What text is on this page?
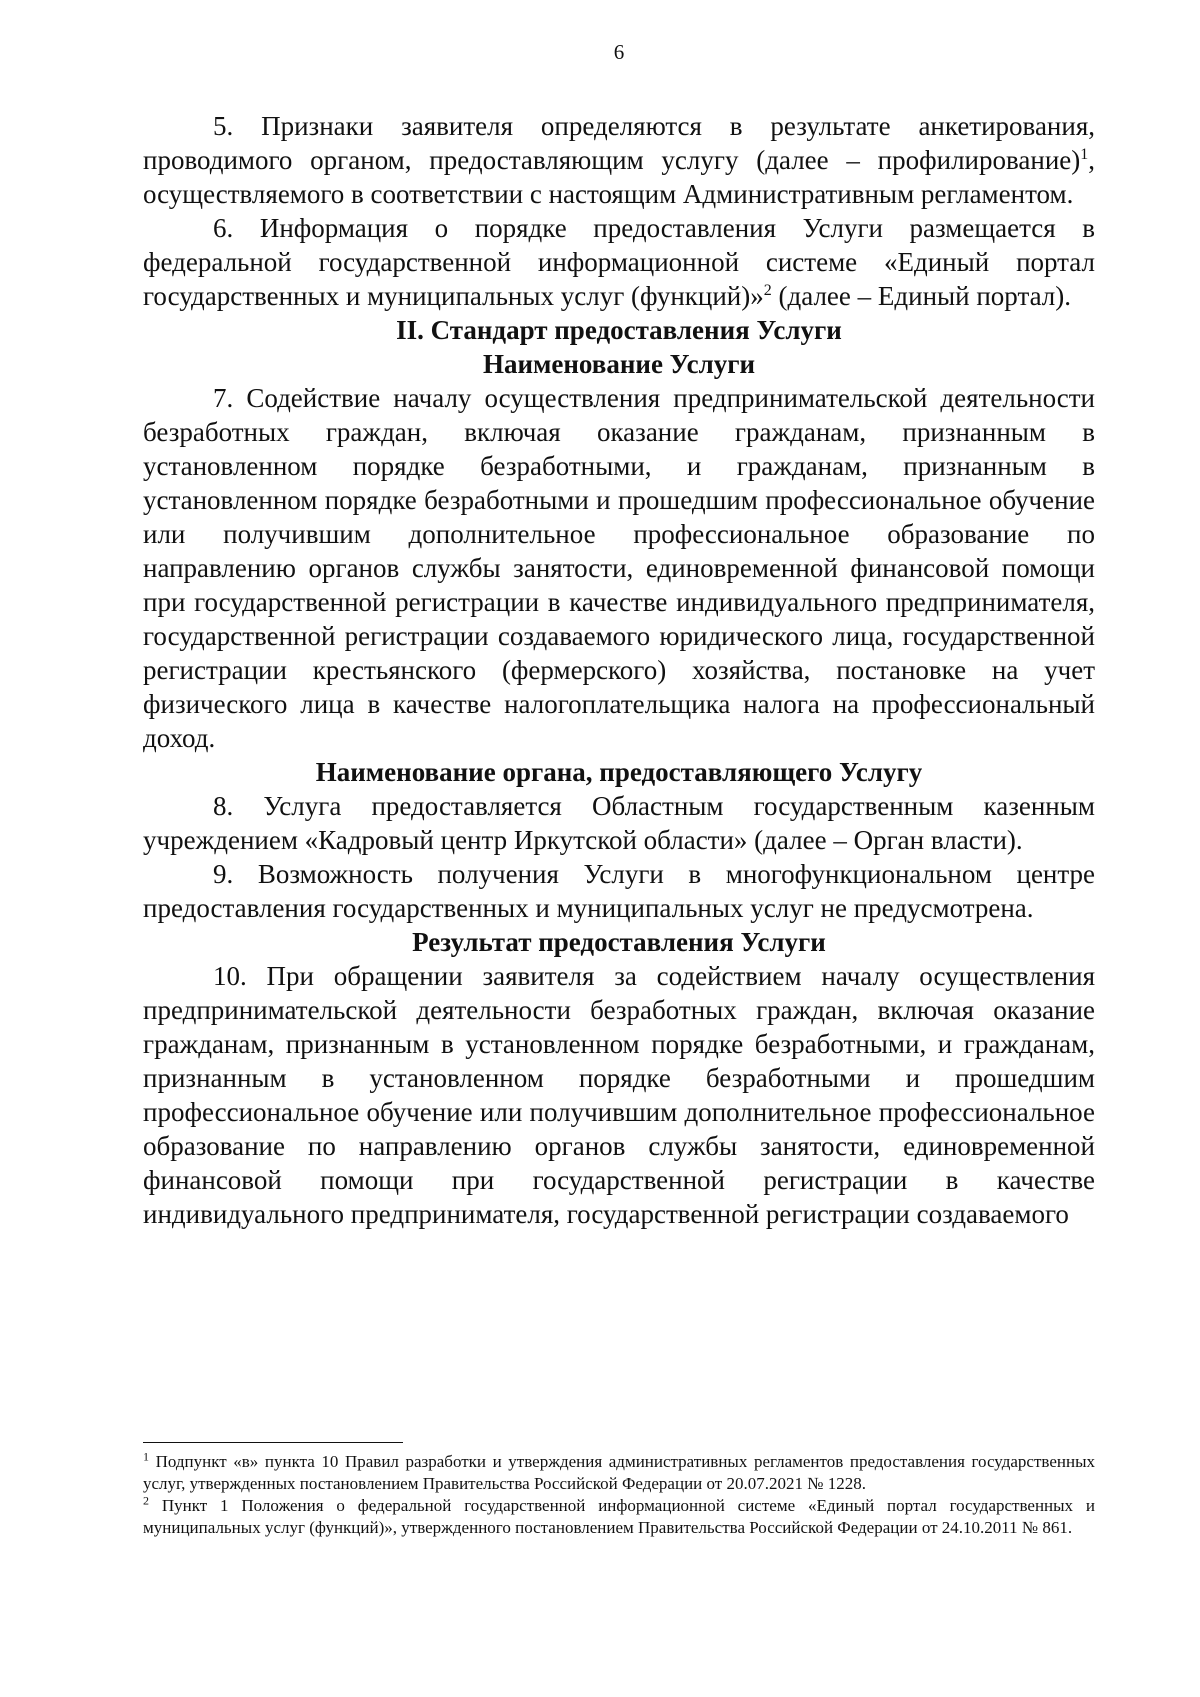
6

5. Признаки заявителя определяются в результате анкетирования, проводимого органом, предоставляющим услугу (далее – профилирование)$^1$, осуществляемого в соответствии с настоящим Административным регламентом.

6. Информация о порядке предоставления Услуги размещается в федеральной государственной информационной системе «Единый портал государственных и муниципальных услуг (функций)»$^2$ (далее – Единый портал).

II. Стандарт предоставления Услуги
Наименование Услуги

7. Содействие началу осуществления предпринимательской деятельности безработных граждан, включая оказание гражданам, признанным в установленном порядке безработными, и гражданам, признанным в установленном порядке безработными и прошедшим профессиональное обучение или получившим дополнительное профессиональное образование по направлению органов службы занятости, единовременной финансовой помощи при государственной регистрации в качестве индивидуального предпринимателя, государственной регистрации создаваемого юридического лица, государственной регистрации крестьянского (фермерского) хозяйства, постановке на учет физического лица в качестве налогоплательщика налога на профессиональный доход.

Наименование органа, предоставляющего Услугу

8. Услуга предоставляется Областным государственным казенным учреждением «Кадровый центр Иркутской области» (далее – Орган власти).

9. Возможность получения Услуги в многофункциональном центре предоставления государственных и муниципальных услуг не предусмотрена.

Результат предоставления Услуги

10. При обращении заявителя за содействием началу осуществления предпринимательской деятельности безработных граждан, включая оказание гражданам, признанным в установленном порядке безработными, и гражданам, признанным в установленном порядке безработными и прошедшим профессиональное обучение или получившим дополнительное профессиональное образование по направлению органов службы занятости, единовременной финансовой помощи при государственной регистрации в качестве индивидуального предпринимателя, государственной регистрации создаваемого

$^1$ Подпункт «в» пункта 10 Правил разработки и утверждения административных регламентов предоставления государственных услуг, утвержденных постановлением Правительства Российской Федерации от 20.07.2021 № 1228.

$^2$ Пункт 1 Положения о федеральной государственной информационной системе «Единый портал государственных и муниципальных услуг (функций)», утвержденного постановлением Правительства Российской Федерации от 24.10.2011 № 861.
